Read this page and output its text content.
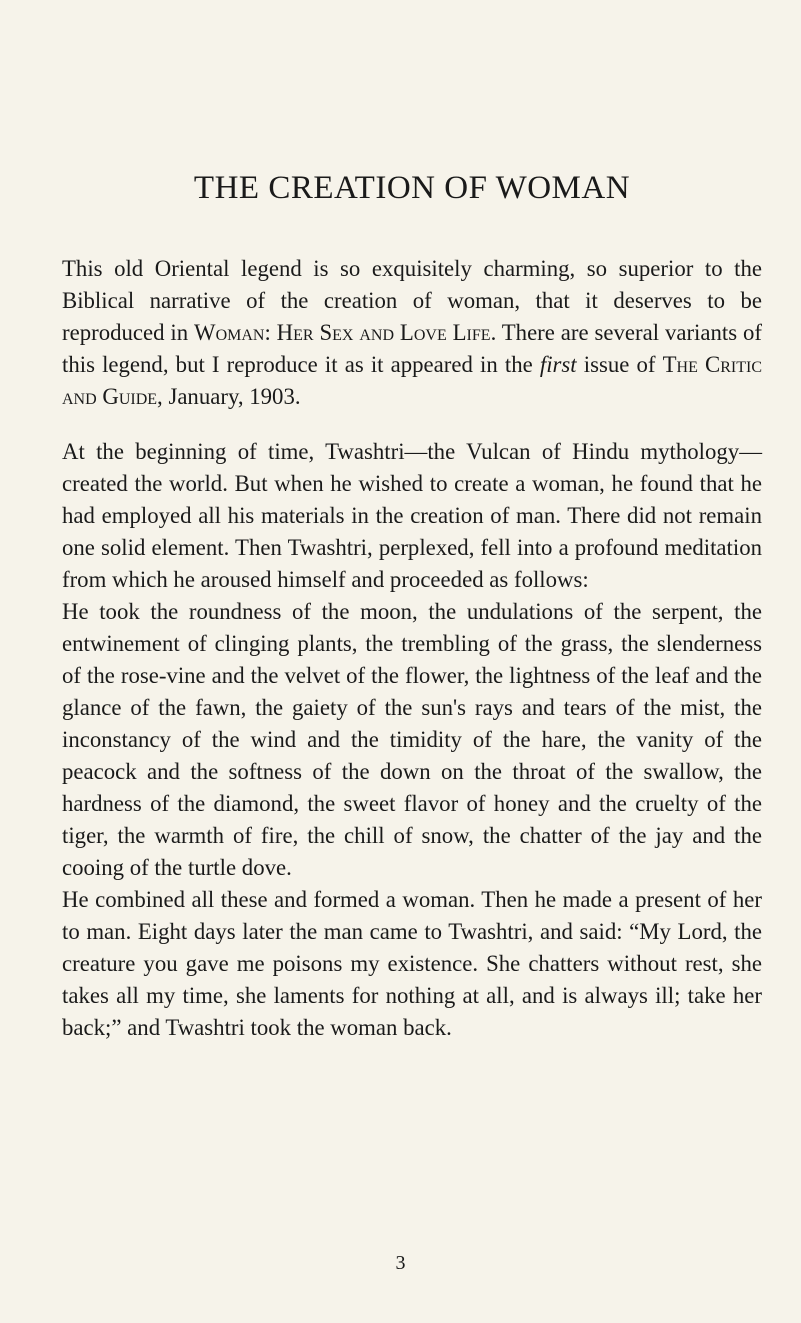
THE CREATION OF WOMAN

This old Oriental legend is so exquisitely charming, so superior to the Biblical narrative of the creation of woman, that it deserves to be reproduced in Woman: Her Sex and Love Life. There are several variants of this legend, but I reproduce it as it appeared in the first issue of The Critic and Guide, January, 1903.

At the beginning of time, Twashtri—the Vulcan of Hindu mythology—created the world. But when he wished to create a woman, he found that he had employed all his materials in the creation of man. There did not remain one solid element. Then Twashtri, perplexed, fell into a profound meditation from which he aroused himself and proceeded as follows:

He took the roundness of the moon, the undulations of the serpent, the entwinement of clinging plants, the trembling of the grass, the slenderness of the rose-vine and the velvet of the flower, the lightness of the leaf and the glance of the fawn, the gaiety of the sun's rays and tears of the mist, the inconstancy of the wind and the timidity of the hare, the vanity of the peacock and the softness of the down on the throat of the swallow, the hardness of the diamond, the sweet flavor of honey and the cruelty of the tiger, the warmth of fire, the chill of snow, the chatter of the jay and the cooing of the turtle dove.

He combined all these and formed a woman. Then he made a present of her to man. Eight days later the man came to Twashtri, and said: “My Lord, the creature you gave me poisons my existence. She chatters without rest, she takes all my time, she laments for nothing at all, and is always ill; take her back;” and Twashtri took the woman back.

3
